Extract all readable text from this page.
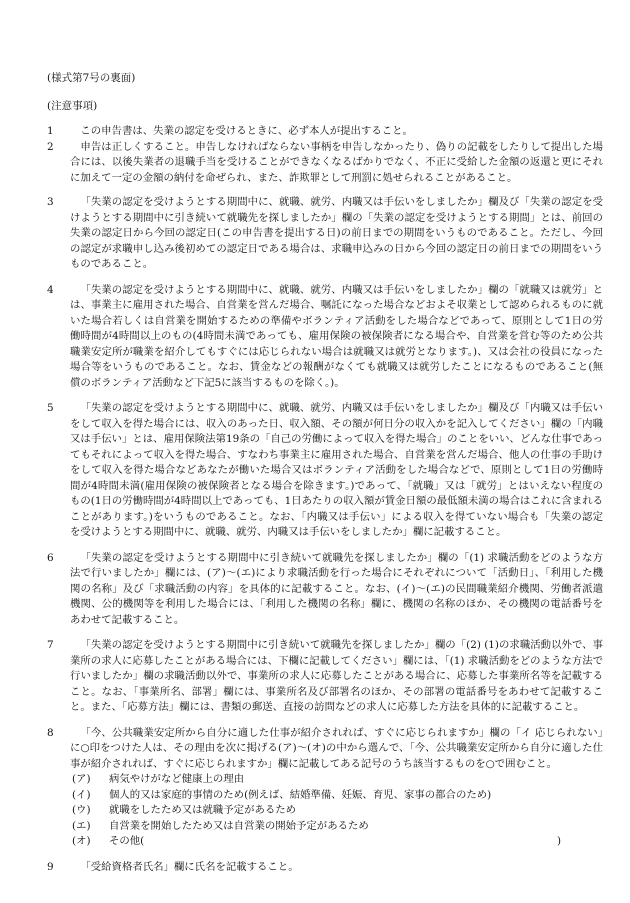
(様式第7号の裏面)

(注意事項)

1	この申告書は、失業の認定を受けるときに、必ず本人が提出すること。

2	申告は正しくすること。申告しなければならない事柄を申告しなかったり、偽りの記載をしたりして提出した場合には、以後失業者の退職手当を受けることができなくなるばかりでなく、不正に受給した金額の返還と更にそれに加えて一定の金額の納付を命ぜられ、また、詐欺罪として刑罰に処せられることがあること。

3	「失業の認定を受けようとする期間中に、就職、就労、内職又は手伝いをしましたか」欄及び「失業の認定を受けようとする期間中に引き続いて就職先を探しましたか」欄の「失業の認定を受けようとする期間」とは、前回の失業の認定日から今回の認定日(この申告書を提出する日)の前日までの期間をいうものであること。ただし、今回の認定が求職申し込み後初めての認定日である場合は、求職申込みの日から今回の認定日の前日までの期間をいうものであること。

4	「失業の認定を受けようとする期間中に、就職、就労、内職又は手伝いをしましたか」欄の「就職又は就労」とは、事業主に雇用された場合、自営業を営んだ場合、嘱託になった場合などおよそ収業として認められるものに就いた場合若しくは自営業を開始するための準備やボランティア活動をした場合などであって、原則として1日の労働時間が4時間以上のもの(4時間未満であっても、雇用保険の被保険者になる場合や、自営業を営む等のため公共職業安定所が職業を紹介してもすぐには応じられない場合は就職又は就労となります。)、又は会社の役員になった場合等をいうものであること。なお、賃金などの報酬がなくても就職又は就労したことになるものであること(無償のボランティア活動など下記5に該当するものを除く。)。

5	「失業の認定を受けようとする期間中に、就職、就労、内職又は手伝いをしましたか」欄及び「内職又は手伝いをして収入を得た場合には、収入のあった日、収入額、その額が何日分の収入かを記入してください」欄の「内職又は手伝い」とは、雇用保険法第19条の「自己の労働によって収入を得た場合」のことをいい、どんな仕事であってもそれによって収入を得た場合、すなわち事業主に雇用された場合、自営業を営んだ場合、他人の仕事の手助けをして収入を得た場合などあなたが働いた場合又はボランティア活動をした場合などで、原則として1日の労働時間が4時間未満(雇用保険の被保険者となる場合を除きます。)であって、「就職」又は「就労」とはいえない程度のもの(1日の労働時間が4時間以上であっても、1日あたりの収入額が賃金日額の最低額未満の場合はこれに含まれることがあります。)をいうものであること。なお、「内職又は手伝い」による収入を得ていない場合も「失業の認定を受けようとする期間中に、就職、就労、内職又は手伝いをしましたか」欄に記載すること。

6	「失業の認定を受けようとする期間中に引き続いて就職先を探しましたか」欄の「(1) 求職活動をどのような方法で行いましたか」欄には、(ア)～(エ)により求職活動を行った場合にそれぞれについて「活動日」、「利用した機関の名称」及び「求職活動の内容」を具体的に記載すること。なお、(イ)～(エ)の民間職業紹介機関、労働者派遣機関、公的機関等を利用した場合には、「利用した機関の名称」欄に、機関の名称のほか、その機関の電話番号をあわせて記載すること。

7	「失業の認定を受けようとする期間中に引き続いて就職先を探しましたか」欄の「(2) (1)の求職活動以外で、事業所の求人に応募したことがある場合には、下欄に記載してください」欄には、「(1) 求職活動をどのような方法で行いましたか」欄の求職活動以外で、事業所の求人に応募したことがある場合に、応募した事業所名等を記載すること。なお、「事業所名、部署」欄には、事業所名及び部署名のほか、その部署の電話番号をあわせて記載すること。また、「応募方法」欄には、書類の郵送、直接の訪問などの求人に応募した方法を具体的に記載すること。

8	「今、公共職業安定所から自分に適した仕事が紹介されれば、すぐに応じられますか」欄の「イ 応じられない」に○印をつけた人は、その理由を次に掲げる(ア)～(オ)の中から選んで、「今、公共職業安定所から自分に適した仕事が紹介されれば、すぐに応じられますか」欄に記載してある記号のうち該当するものを○で囲むこと。

(ア)	病気やけがなど健康上の理由
(イ)	個人的又は家庭的事情のため(例えば、結婚準備、妊娠、育児、家事の都合のため)
(ウ)	就職をしたため又は就職予定があるため
(エ)	自営業を開始したため又は自営業の開始予定があるため
(オ)	その他(	)
9	「受給資格者氏名」欄に氏名を記載すること。
